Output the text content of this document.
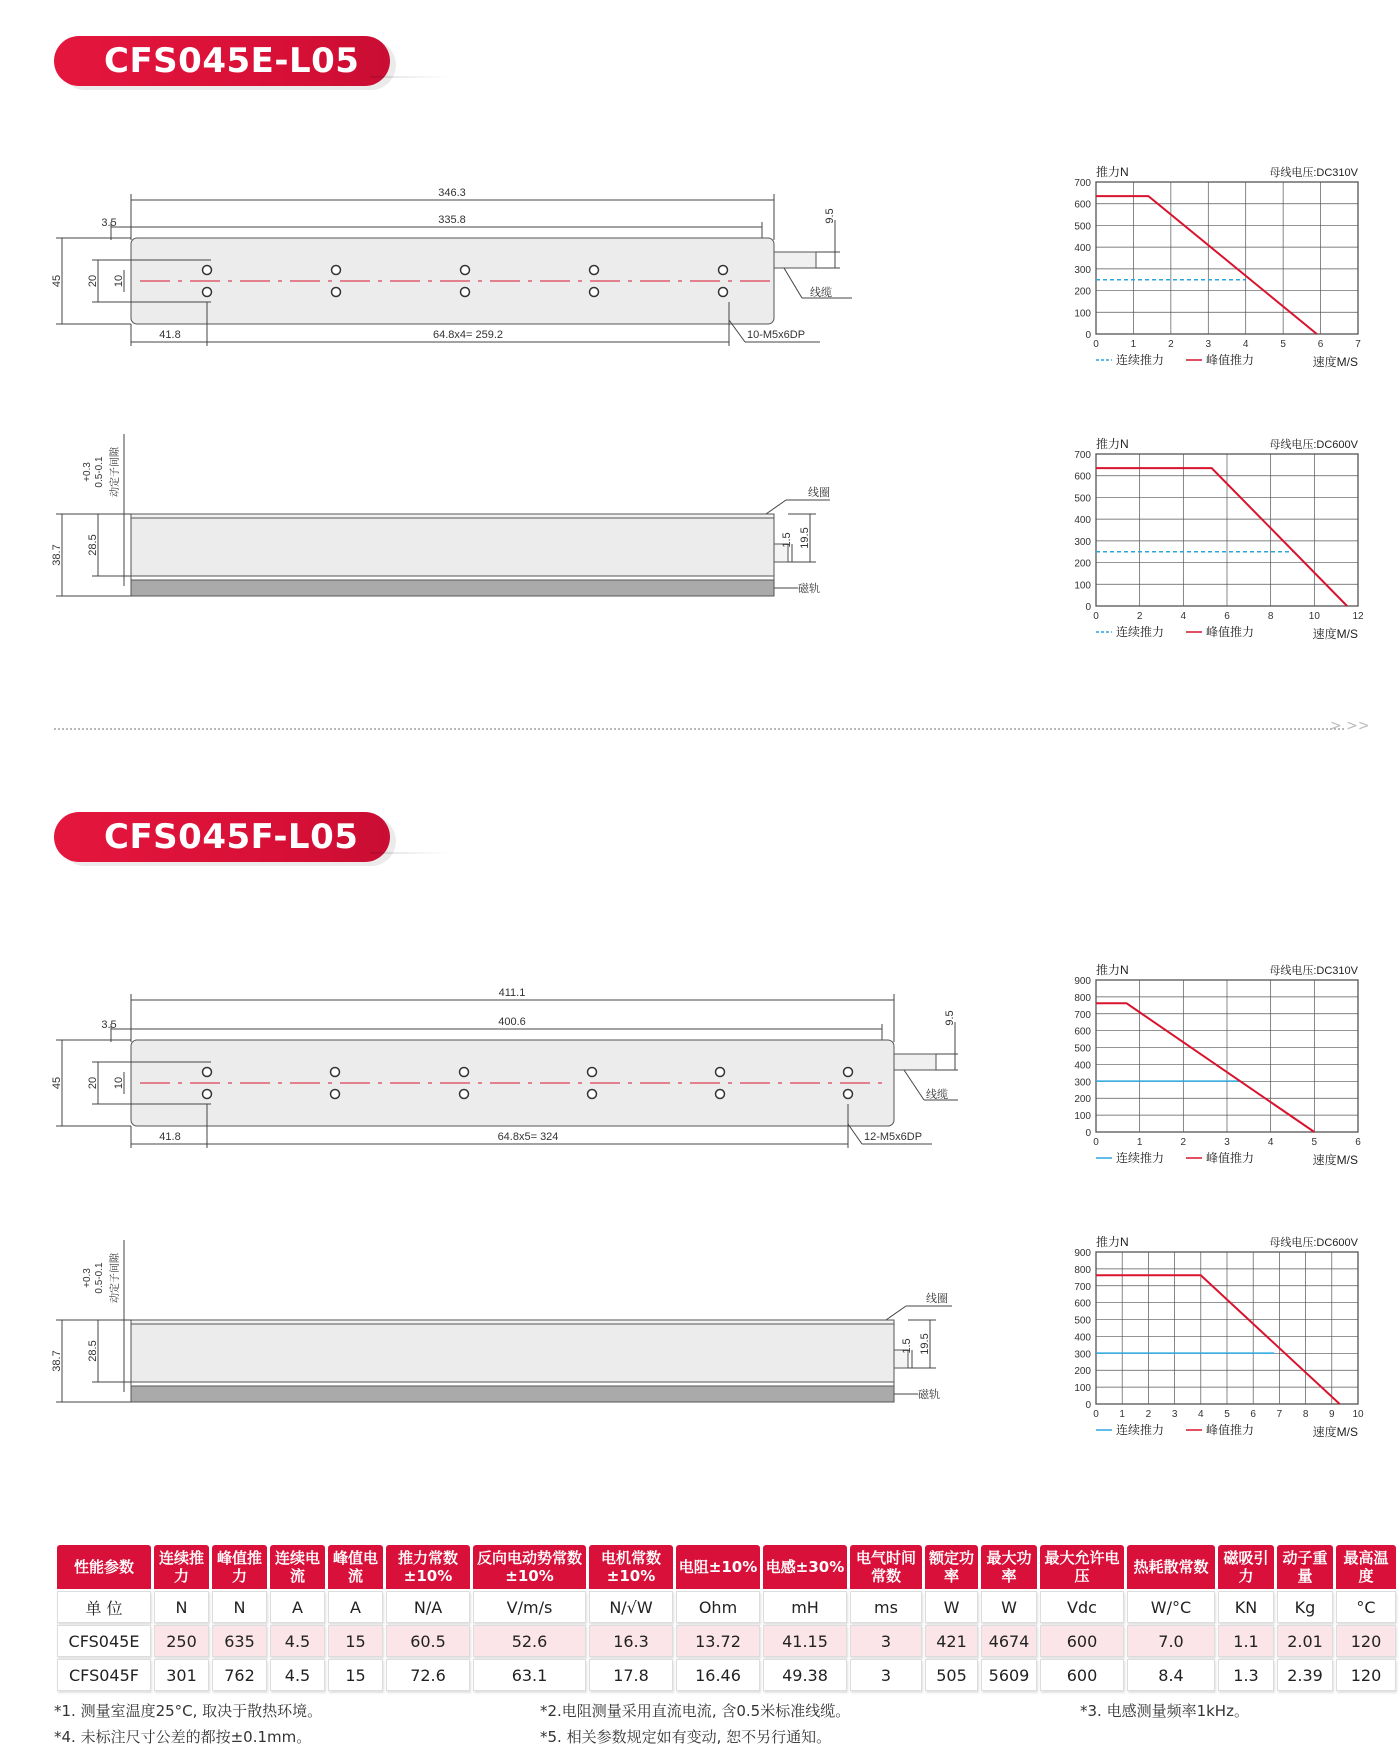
CFS045E-L05
CFS045F-L05
> >>
346.3
335.8
3.5
45 20 10
9.5
线缆
41.8	64.8x4= 259.2	10-M5x6DP
动定子间隙
+0.3 0.5-0.1
38.7 28.5	1.5 19.5
线圈
磁轨
411.1
400.6
3.5
45 20 10
9.5
线缆
41.8	64.8x5= 324	12-M5x6DP
动定子间隙
+0.3 0.5-0.1
38.7 28.5	1.5 19.5
线圈
磁轨
0
100
200
300
400
500
600
700
0	1	2	3	4	5	6	7
推力N	母线电压:DC310V
连续推力	峰值推力	速度M/S
0
100
200
300
400
500
600
700
0	2	4	6	8	10	12
推力N	母线电压:DC600V
连续推力	峰值推力	速度M/S
0
100
200
300
400
500
600
700
800
900
0	1	2	3	4	5	6
推力N	母线电压:DC310V
连续推力	峰值推力	速度M/S
0
100
200
300
400
500
600
700
800
900
0 1 2 3 4 5 6 7 8 9 10
推力N	母线电压:DC600V
连续推力	峰值推力	速度M/S
性能参数	连续推力	峰值推力	连续电流	峰值电流	推力常数±10%	反向电动势常数±10%	电机常数±10%	电阻±10%	电感±30%	电气时间常数	额定功率	最大功率	最大允许电压	热耗散常数	磁吸引力	动子重量	最高温度
单 位	N	N	A	A	N/A	V/m/s	N/√W	Ohm	mH	ms	W	W	Vdc	W/°C	KN	Kg	°C
CFS045E	250	635	4.5	15	60.5	52.6	16.3	13.72	41.15	3	421	4674	600	7.0	1.1	2.01	120
CFS045F	301	762	4.5	15	72.6	63.1	17.8	16.46	49.38	3	505	5609	600	8.4	1.3	2.39	120
*1. 测量室温度25°C, 取决于散热环境。	*2.电阻测量采用直流电流, 含0.5米标准线缆。	*3. 电感测量频率1kHz。
*4. 未标注尺寸公差的都按±0.1mm。	*5. 相关参数规定如有变动, 恕不另行通知。
